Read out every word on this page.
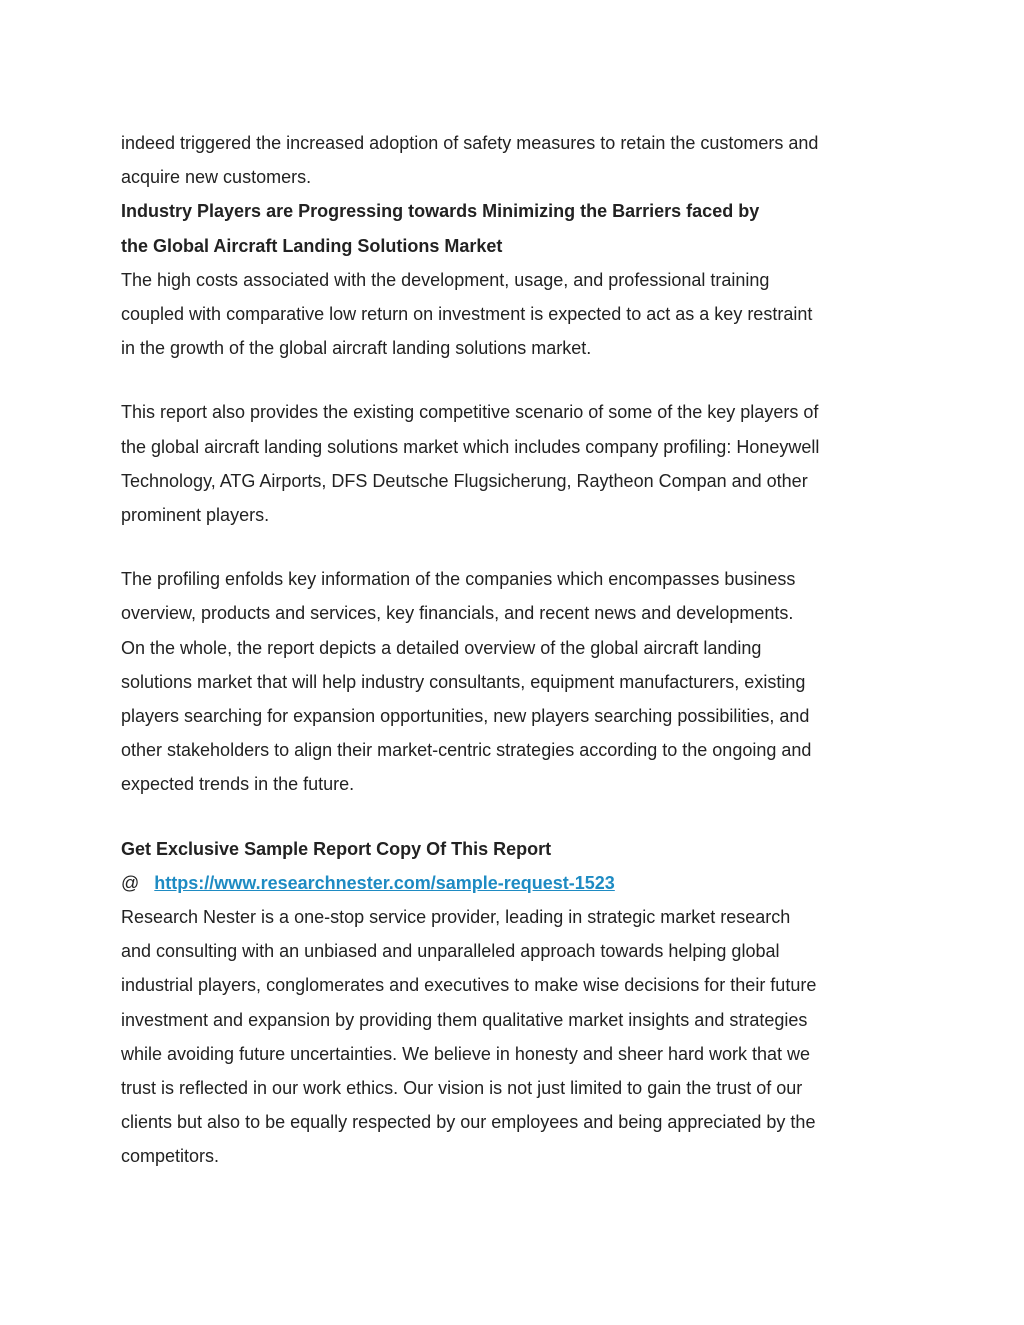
indeed triggered the increased adoption of safety measures to retain the customers and
acquire new customers.
Industry Players are Progressing towards Minimizing the Barriers faced by
the Global Aircraft Landing Solutions Market
The high costs associated with the development, usage, and professional training
coupled with comparative low return on investment is expected to act as a key restraint
in the growth of the global aircraft landing solutions market.
This report also provides the existing competitive scenario of some of the key players of
the global aircraft landing solutions market which includes company profiling: Honeywell
Technology, ATG Airports, DFS Deutsche Flugsicherung, Raytheon Compan and other
prominent players.
The profiling enfolds key information of the companies which encompasses business
overview, products and services, key financials, and recent news and developments.
On the whole, the report depicts a detailed overview of the global aircraft landing
solutions market that will help industry consultants, equipment manufacturers, existing
players searching for expansion opportunities, new players searching possibilities, and
other stakeholders to align their market-centric strategies according to the ongoing and
expected trends in the future.
Get Exclusive Sample Report Copy Of This Report
@ https://www.researchnester.com/sample-request-1523
Research Nester is a one-stop service provider, leading in strategic market research
and consulting with an unbiased and unparalleled approach towards helping global
industrial players, conglomerates and executives to make wise decisions for their future
investment and expansion by providing them qualitative market insights and strategies
while avoiding future uncertainties. We believe in honesty and sheer hard work that we
trust is reflected in our work ethics. Our vision is not just limited to gain the trust of our
clients but also to be equally respected by our employees and being appreciated by the
competitors.
